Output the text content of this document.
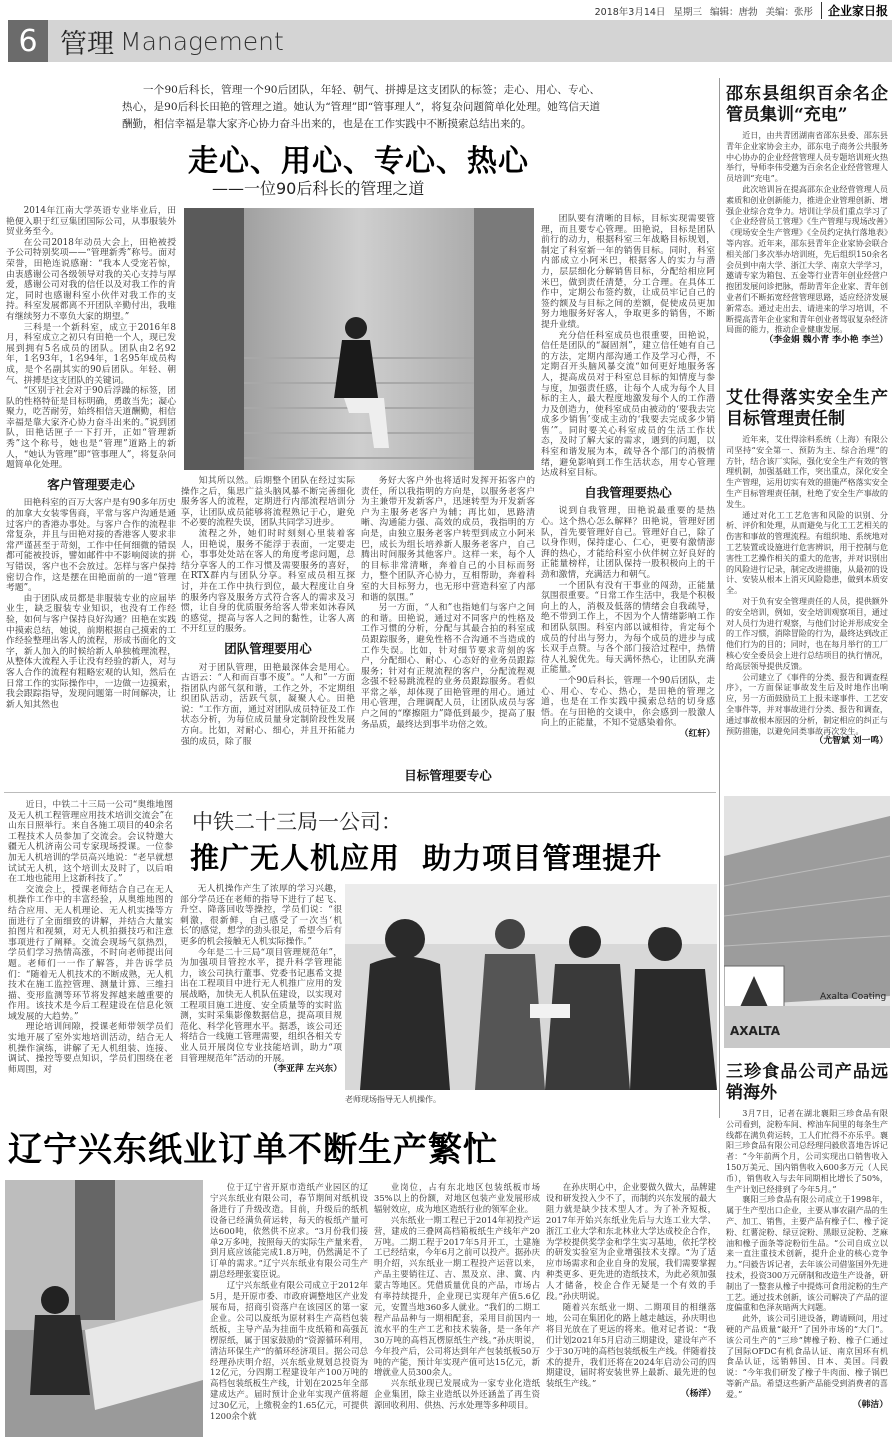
2018年3月14日 星期三 编辑：唐勃 美编：张彤	企业家日报
6 管理 Management
一个90后科长，管理一个90后团队，年轻、朝气、拼搏是这支团队的标签；走心、用心、专心、热心，是90后科长田艳的管理之道。她认为“管理”即“管事理人”，将复杂问题简单化处理。她笃信天道酬勤，相信幸福是靠大家齐心协力奋斗出来的，也是在工作实践中不断摸索总结出来的。
走心、用心、专心、热心
——一位90后科长的管理之道

2014年江南大学英语专业毕业后，田艳便入职于红豆集团国际公司，从事服装外贸业务至今。

在公司2018年动员大会上，田艳被授予公司特别奖项——“管理新秀”称号。面对荣誉，田艳连说感谢：“我本人受宠若惊，由衷感谢公司各级领导对我的关心支持与厚爱，感谢公司对我的信任以及对我工作的肯定，同时也感谢科室小伙伴对我工作的支持。科室发展都离不开团队辛勤付出，我唯有继续努力不辜负大家的期望。”

三科是一个新科室，成立于2016年8月，科室成立之初只有田艳一个人，现已发展到拥有5名成员的团队。团队由2名92年，1名93年，1名94年，1名95年成员构成，是个名副其实的90后团队。年轻、朝气、拼搏是这支团队的关键词。

“区别于社会对于90后浮躁的标签，团队的性格特征是目标明确，勇敢当先；凝心聚力，吃苦耐劳，始终相信天道酬勤，相信幸福是靠大家齐心协力奋斗出来的。”说到团队，田艳话匣子一下打开，正如“管理新秀”这个称号，她也是“管理”道路上的新人，“她认为管理”即“管事理人”，将复杂问题简单化处理。

客户管理要走心

田艳科室的百万大客户是有90多年历史的加拿大女装零售商，平常与客户沟通是通过客户的香港办事处。与客户合作的流程非常复杂，并且与田艳对接的香港客人要求非常严谨甚至于苛刻，工作中任何细微的错误都可能被投诉，譬如邮件中不影响阅读的拼写错误，客户也不会放过。怎样与客户保持密切合作，这是摆在田艳面前的一道“管理考题”。

由于团队成员都是非服装专业的应届毕业生，缺乏服装专业知识，也没有工作经验，如何与客户保持良好沟通？田艳在实践中摸索总结，她说，前期根据自己摸索的工作经验整理出客人的流程，形成书面化的文字，新人加入的时候给新人单独梳理流程，从整体大流程入手让没有经验的新人，对与客人合作的流程有粗略宏观的认知，然后在日常工作的实际操作中，一边做一边摸索，我会跟踪指导，发现问题第一时间解决，让新人知其然也

知其所以然。后期整个团队在经过实际操作之后，集思广益头脑风暴不断完善细化服务客人的流程，定期进行内部流程培训分享，让团队成员能够将流程熟记于心，避免不必要的流程失误，团队共同学习进步。

流程之外，她们时时刻刻心里装着客人，田艳说，服务不能浮于表面，一定要走心，事事处处站在客人的角度考虑问题，总结分享客人的工作习惯及需要服务的喜好，在RTX群内与团队分享。科室成员相互探讨，并在工作中执行到位，最大程度让自身的服务内容及服务方式符合客人的需求及习惯，让自身的优质服务给客人带来如沐春风的感觉，提高与客人之间的黏性，让客人离不开红豆的服务。

团队管理要用心

对于团队管理，田艳最深体会是用心。古语云：“人和而百事不废”。“人和”一方面指团队内部气氛和谐，工作之外，不定期组织团队活动，活跃气氛，凝聚人心。田艳说：“工作方面，通过对团队成员特征及工作状态分析，为每位成员量身定制阶段性发展方向。比如，对耐心、细心，并且开拓能力强的成员，除了服

务好大客户外也将适时发挥开拓客户的责任，所以我指明的方向是，以服务老客户为主兼带开发新客户，迅速转型为开发新客户为主服务老客户为辅；再比如，思路清晰、沟通能力强、高效的成员，我指明的方向是，由独立服务老客户转型到成立小阿米巴，成长为组长培养新人服务老客户，自己腾出时间服务其他客户。这样一来，每个人的目标非常清晰，奔着自己的小目标而努力，整个团队齐心协力，互相帮助，奔着科室的大目标努力，也无形中营造科室了内部和谐的氛围。”

另一方面，“人和”也指她们与客户之间的和谐。田艳说，通过对不同客户的性格及工作习惯的分析，分配与其最合拍的科室成员跟踪服务，避免性格不合沟通不当造成的工作失误。比如，针对细节要求苛刻的客户，分配细心、耐心、心态好的业务员跟踪服务；针对有正规流程的客户，分配流程观念强不轻易跳流程的业务员跟踪服务。看似平常之举，却体现了田艳管理的用心。通过用心管理，合理调配人员，让团队成员与客户之间的“摩擦阻力”降低到最少，提高了服务品质，最终达到事半功倍之效。

目标管理要专心

团队要有清晰的目标，目标实现需要管理，而且要专心管理。田艳说，目标是团队前行的动力，根据科室三年战略目标规划，制定了科室新一年的销售目标。同时，科室内部成立小阿米巴，根据客人的实力与潜力，层层细化分解销售目标，分配给相应阿米巴，做到责任清楚，分工合理。在具体工作中，定期公布签约数，让成员牢记自己的签约额及与目标之间的差额，促使成员更加努力地服务好客人，争取更多的销售，不断提升业绩。

充分信任科室成员也很重要，田艳说，信任是团队的“凝固剂”，建立信任她有自己的方法，定期内部沟通工作及学习心得，不定期召开头脑风暴交流“如何更好地服务客人，提高成员对于科室总目标的知情度与参与度，加强责任感，让每个人成为每个人目标的主人，最大程度地激发每个人的工作潜力及创造力，使科室成员由被动的‘要我去完成多少销售’变成主动的‘我要去完成多少销售’”。同时要关心科室成员的生活工作状态，及时了解大家的需求，遇到的问题，以科室和谐发展为本，疏导各个部门的消极情绪，避免影响到工作生活状态，用专心管理达成科室目标。

自我管理要热心

说到自我管理，田艳说最重要的是热心。这个热心怎么解释？田艳说，管理好团队，首先要管理好自己。管理好自己，除了以身作则，保持虚心、仁心，更要有激情澎湃的热心，才能给科室小伙伴树立好良好的正能量榜样，让团队保持一股积极向上的干劲和激情，充满活力和朝气。

一个团队有没有干事业的闯劲，正能量氛围很重要。“日常工作生活中，我是个积极向上的人，消极及低落的情绪会自我疏导，绝不带到工作上，不因为个人情绪影响工作和团队氛围。科室内部以诚相待，肯定每个成员的付出与努力，为每个成员的进步与成长双手点赞。与各个部门接洽过程中，热情待人礼貌优先。每天满怀热心，让团队充满正能量。”

一个90后科长，管理一个90后团队，走心、用心、专心、热心，是田艳的管理之道，也是在工作实践中摸索总结的切身感悟。在与田艳的交谈中，你会感到一股激人向上的正能量，不知不觉感染着你。
（红轩）

邵东县组织百余名企管员集训“充电”

近日，由共青团湖南省邵东县委、邵东县青年企业家协会主办，邵东电子商务公共服务中心协办的企业经营管理人员专题培训班火热举行，导师李伟受邀为百余名企业经营管理人员培训“充电”。

此次培训旨在提高邵东企业经营管理人员素质和创业创新能力，推进企业管理创新、增强企业综合竞争力。培训让学员们重点学习了《企业经营员工管理》《生产管理与现场改善》《现场安全生产管理》《全员约定执行落地表》等内容。近年来，邵东县青年企业家协会联合相关部门多次举办培训班，先后组织150余名会员到中南大学、浙江大学、南京大学学习，邀请专家为箱包、五金等行业青年创业经营户抱团发展问诊把脉，帮助青年企业家、青年创业者们不断拓宽经营管理思路，适应经济发展新常态。通过走出去、请进来的学习培训，不断提高青年企业家和青年创业者驾驭复杂经济局面的能力，推动企业健康发展。

（李金娟 魏小青 李小艳 李兰）
艾仕得落实安全生产目标管理责任制

近年来，艾仕得涂料系统（上海）有限公司坚持“安全第一、预防为主、综合治理”的方针，结合该厂实际，强化安全生产有效的管理机制，加强基础工作，突出重点，深化安全生产管理，运用切实有效的措施严格落实安全生产目标管理责任制，杜绝了安全生产事故的发生。

通过对化工工艺危害和风险的识别、分析、评价和处理，从而避免与化工工艺相关的伤害和事故的管理流程。有组织地、系统地对工艺装置或设施进行危害辨识，用于控制与危害性工艺操作相关的重大的危害，并对识别出的风险进行记录，制定改进措施，从最初的设计、安装从根本上消灭风险隐患，做到本质安全。

对于负有安全管理责任的人员，提供额外的安全培训，例如，安全培训观察项目，通过对人员行为进行观察，与他们讨论并形成安全的工作习惯，消除冒险的行为，最终达到改正他们行为的目的；同时，也在每月举行的工厂核心安全委员会上进行总结项目的执行情况，给高层领导提供反馈。

公司建立了《事件的分类、报告和调查程序》，一方面保证事故发生后及时地作出响应，另一方面鼓励员工上报未遂事件、工艺安全事件等，并对事故进行分类、报告和调查，通过事故根本原因的分析，制定相应的纠正与预防措施，以避免同类事故再次发生。

（尤智斌 刘一鸣）
AXALTA
Axalta Coating
三珍食品公司产品远销海外

3月7日，记者在湖北襄阳三珍食品有限公司看到，淀粉车间、榨油车间里的每条生产线都在满负荷运转，工人们忙得不亦乐乎。襄阳三珍食品有限公司总经理闫毅欣喜地告诉记者：“今年前两个月，公司实现出口销售收入150万美元、国内销售收入600多万元（人民币），销售收入与去年同期相比增长了50%，生产计划已经排到了今年5月。”

襄阳三珍食品有限公司成立于1998年，属于生产型出口企业，主要从事农副产品的生产、加工、销售，主要产品有橡子仁、橡子淀粉、红薯淀粉、绿豆淀粉、黑眼豆淀粉、芝麻油和橡子面条等淀粉衍生品。“公司自成立以来一直注重技术创新，提升企业的核心竞争力。”闫毅告诉记者，去年该公司借鉴国外先进技术，投资300万元研制和改造生产设备，研制出了一整套从橡子中提炼可食用淀粉的生产工艺。通过技术创新，该公司解决了产品的涩度偏重和色泽灰暗两大问题。

此外，该公司引进设备，聘请顾问，用过硬的产品质量“敲开”了国外市场的“大门”。该公司生产的“三珍”牌橡子粉、橡子仁通过了国际OFDC有机食品认证、南京国环有机食品认证，远销韩国、日本、美国。闫毅说：“今年我们研发了橡子牛肉面、橡子锅巴等新产品。希望这些新产品能受到消费者的喜爱。”

（韩洁）

近日，中铁二十三局一公司“奥维地图及无人机工程管理应用技术培训交流会”在山东日照举行。来自各施工项目的40余名工程技术人员参加了交流会。会议特邀大疆无人机济南公司专家现场授课。一位参加无人机培训的学员高兴地说：“老早就想试试无人机，这个培训太及时了，以后咱在工地也能用上这新科技了。”

交流会上，授课老师结合自己在无人机操作工作中的丰富经验，从奥维地图的结合应用、无人机理论、无人机实操等方面进行了全面细致的讲解，并结合大量实拍图片和视频，对无人机拍摄技巧和注意事项进行了阐释。交流会现场气氛热烈，学员们学习热情高涨，不时向老师提出问题。老师们一一作了解答，并告诉学员们：“随着无人机技术的不断成熟，无人机技术在施工监控管理、测量计算、三维扫描、变形监测等环节将发挥越来越重要的作用。该技术是今后工程建设在信息化领域发展的大趋势。”

理论培训间隙，授课老师带领学员们实地开展了室外实地培训活动，结合无人机操作演练，讲解了无人机组装、连接、调试、操控等要点知识，学员们围绕在老师周围，对

中铁二十三局一公司：
推广无人机应用  助力项目管理提升

无人机操作产生了浓厚的学习兴趣，部分学员还在老师的指导下进行了起飞、升空、降落回收等操控，学员们说：“很刺激，很新鲜，自己感受了一次当‘机长’的感觉，想学的劲头很足，希望今后有更多的机会接触无人机实际操作。”

今年是二十三局“项目管理规范年”，为加强项目管控水平，提升科学管理能力，该公司执行董事、党委书记惠希文提出在工程项目中进行无人机推广应用的发展战略，加快无人机队伍建设，以实现对工程项目施工进度、安全质量等的实时监测，实时采集影像数据信息，提高项目规范化、科学化管理水平。据悉，该公司还将结合一线施工管理需要，组织各相关专业人员开展岗位专业技能培训，助力“项目管理规范年”活动的开展。
（李亚萍 左兴东）

老师现场指导无人机操作。
辽宁兴东纸业订单不断生产繁忙

位于辽宁省开原市造纸产业园区的辽宁兴东纸业有限公司，春节期间对纸机设备进行了升级改造。目前，升级后的纸机设备已经满负荷运转，每天的板纸产量可达600吨，依然供不应求。“3月份我们接单2万多吨，按照每天的实际生产量来看，到月底应该能完成1.8万吨，仍然满足不了订单的需求。”辽宁兴东纸业有限公司生产副总经理张宴臣说。

辽宁兴东纸业有限公司成立于2012年5月，是开原市委、市政府调整地区产业发展布局，招商引资落户在该园区的第一家企业。公司以废纸为原材料生产高档包装纸板，主导产品为挂面牛皮纸箱和高强瓦楞原纸，属于国家鼓励的“资源循环利用，清洁环保生产”的循环经济项目。据公司总经理孙庆明介绍，兴东纸业规划总投资为12亿元，分四期工程建设年产100万吨的高档包装纸板生产线，计划在2025年全部建成达产。届时预计企业年实现产值将超过30亿元，上缴税金约1.65亿元，可提供1200余个就

业岗位，占有东北地区包装纸板市场35%以上的份额，对地区包装产业发展形成辐射效应，成为地区造纸行业的领军企业。

兴东纸业一期工程已于2014年初投产运营，建成的三叠网高档箱板纸生产线年产20万吨。二期工程于2017年5月开工，土建施工已经结束，今年6月之前可以投产。据孙庆明介绍，兴东纸业一期工程投产运营以来，产品主要销往辽、吉、黑及京、津、冀、内蒙古等地区。凭借质量优良的产品，市场占有率持续提升，企业现已实现年产值5.6亿元，安置当地360多人就业。“我们的二期工程产品品种与一期相配套，采用目前国内一流水平的生产工艺和技术装备，是一条年产30万吨的高档瓦楞原纸生产线。”孙庆明说，今年投产后，公司将达到年产包装纸板50万吨的产能，预计年实现产值可达15亿元，新增就业人员300余人。

兴东纸业现已发展成为一家专业化造纸企业集团，除主业造纸以外还涵盖了再生资源回收利用、供热、污水处理等多种项目。

在孙庆明心中，企业要做久做大，品牌建设和研发投入少不了，而制约兴东发展的最大阻力就是缺少技术型人才。为了补齐短板，2017年开始兴东纸业先后与大连工业大学、浙江工业大学和东北林业大学达成校企合作，为学校提供奖学金和学生实习基地，依托学校的研发实验室为企业增强技术支撑。“为了适应市场需求和企业自身的发展，我们需要掌握种类更多、更先进的造纸技术，为此必须加强人才储备，校企合作无疑是一个有效的手段。”孙庆明说。

随着兴东纸业一期、二期项目的相继落地，公司在集团化的路上越走越远，孙庆明也将目光放在了更远的将来。他对记者说：“我们计划2021年5月启动三期建设，建设年产不少于30万吨的高档包装纸板生产线。伴随着技术的提升，我们还将在2024年启动公司的四期建设，届时将安装世界上最新、最先进的包装纸生产线。”

（杨洋）
